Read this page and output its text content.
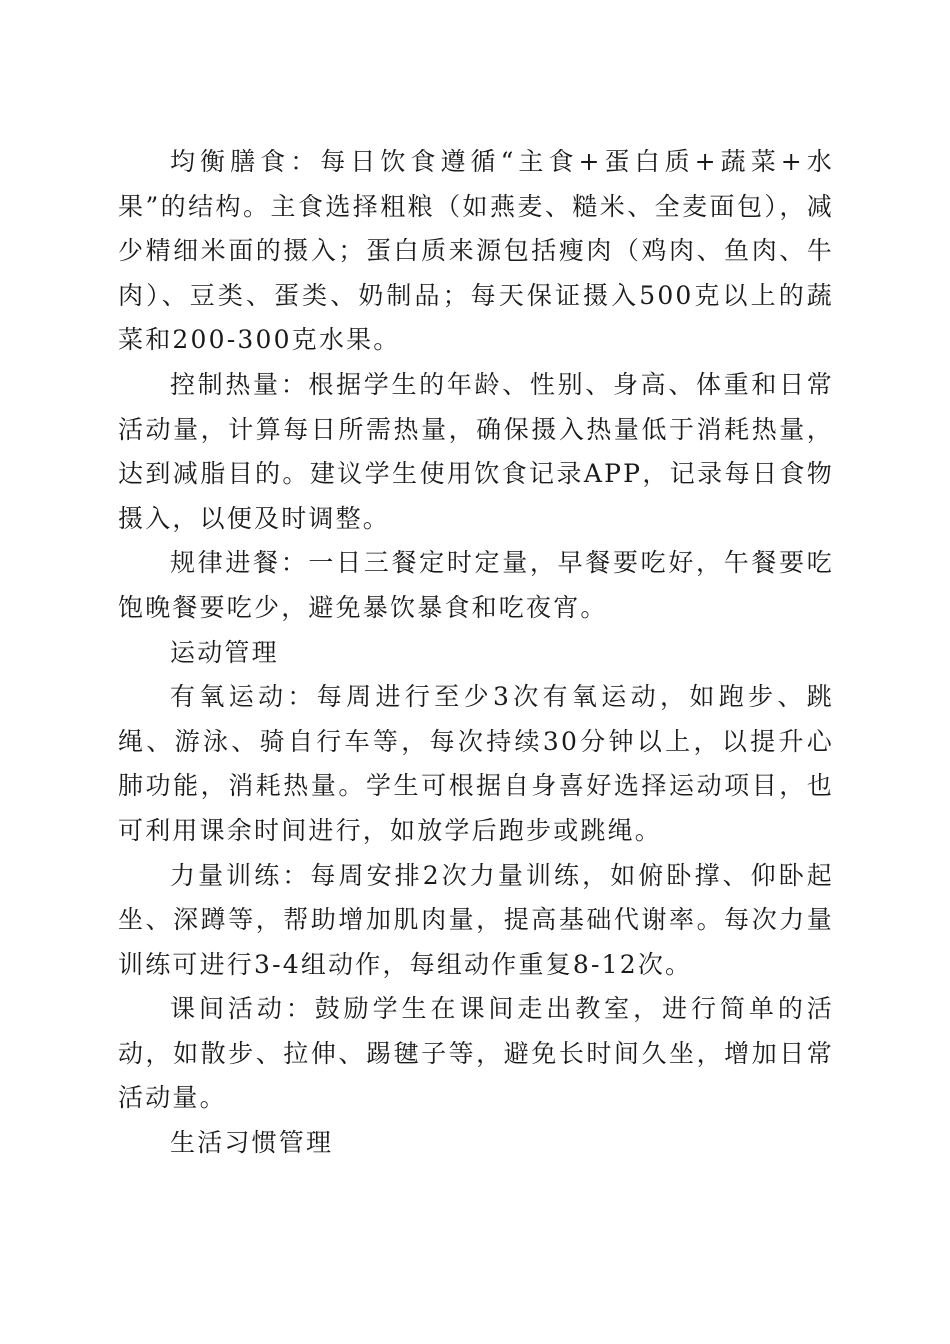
均衡膳食：每日饮食遵循“主食+蛋白质+蔬菜+水果”的结构。主食选择粗粮（如燕麦、糙米、全麦面包），减少精细米面的摄入；蛋白质来源包括瘦肉（鸡肉、鱼肉、牛肉）、豆类、蛋类、奶制品；每天保证摄入500克以上的蔬菜和200-300克水果。

控制热量：根据学生的年龄、性别、身高、体重和日常活动量，计算每日所需热量，确保摄入热量低于消耗热量，达到减脂目的。建议学生使用饮食记录APP，记录每日食物摄入，以便及时调整。

规律进餐：一日三餐定时定量，早餐要吃好，午餐要吃饱晚餐要吃少，避免暴饮暴食和吃夜宵。

运动管理

有氧运动：每周进行至少3次有氧运动，如跑步、跳绳、游泳、骑自行车等，每次持续30分钟以上，以提升心肺功能，消耗热量。学生可根据自身喜好选择运动项目，也可利用课余时间进行，如放学后跑步或跳绳。

力量训练：每周安排2次力量训练，如俯卧撑、仰卧起坐、深蹲等，帮助增加肌肉量，提高基础代谢率。每次力量训练可进行3-4组动作，每组动作重复8-12次。

课间活动：鼓励学生在课间走出教室，进行简单的活动，如散步、拉伸、踢毽子等，避免长时间久坐，增加日常活动量。

生活习惯管理
